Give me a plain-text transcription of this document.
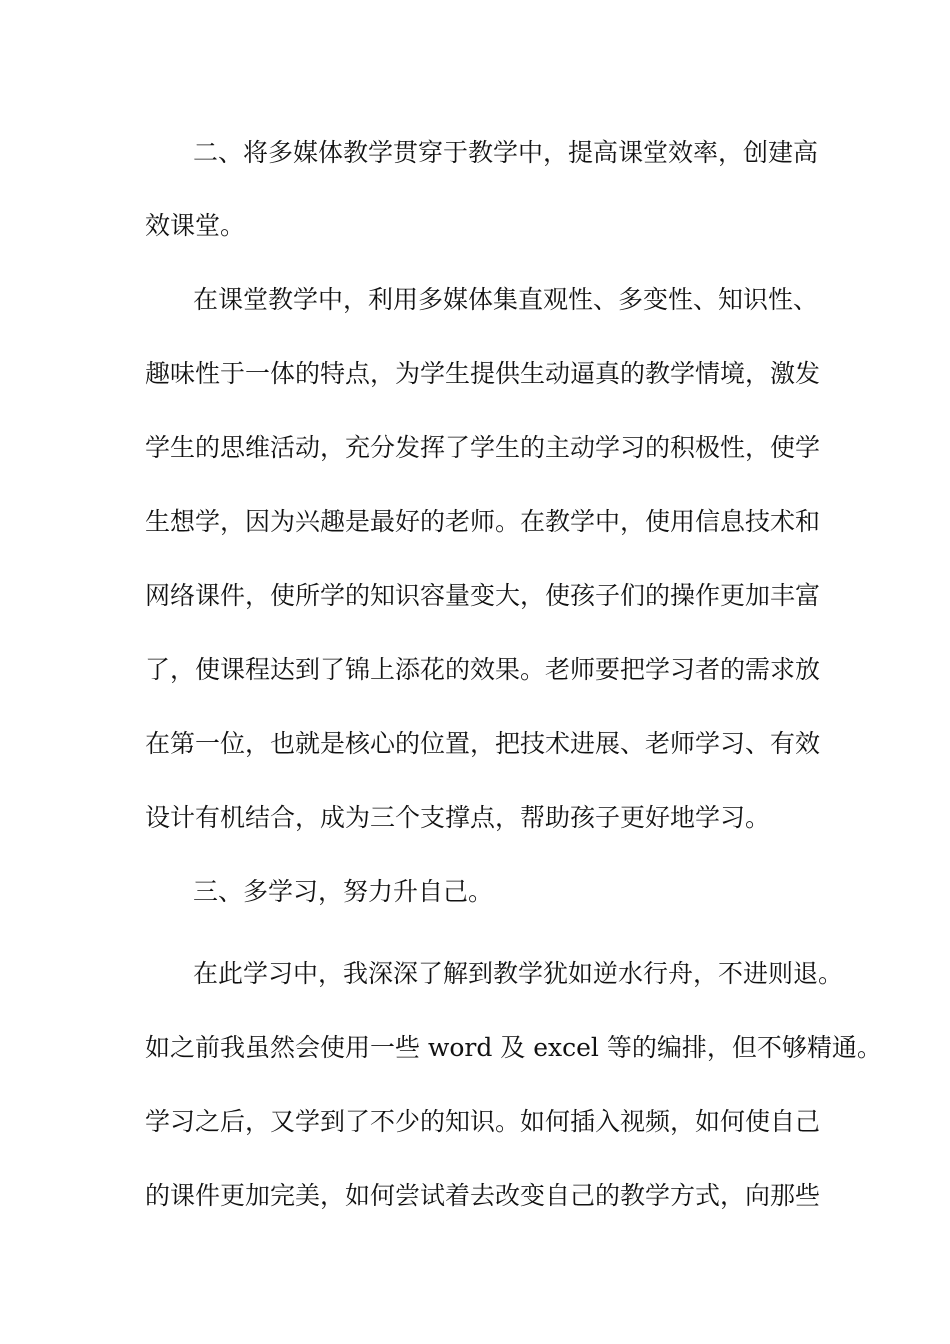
二、将多媒体教学贯穿于教学中，提高课堂效率，创建高
效课堂。
在课堂教学中，利用多媒体集直观性、多变性、知识性、
趣味性于一体的特点，为学生提供生动逼真的教学情境，激发
学生的思维活动，充分发挥了学生的主动学习的积极性，使学
生想学，因为兴趣是最好的老师。在教学中，使用信息技术和
网络课件，使所学的知识容量变大，使孩子们的操作更加丰富
了，使课程达到了锦上添花的效果。老师要把学习者的需求放
在第一位，也就是核心的位置，把技术进展、老师学习、有效
设计有机结合，成为三个支撑点，帮助孩子更好地学习。
三、多学习，努力升自己。
在此学习中，我深深了解到教学犹如逆水行舟，不进则退。
如之前我虽然会使用一些 word 及 excel 等的编排，但不够精通。
学习之后，又学到了不少的知识。如何插入视频，如何使自己
的课件更加完美，如何尝试着去改变自己的教学方式，向那些
